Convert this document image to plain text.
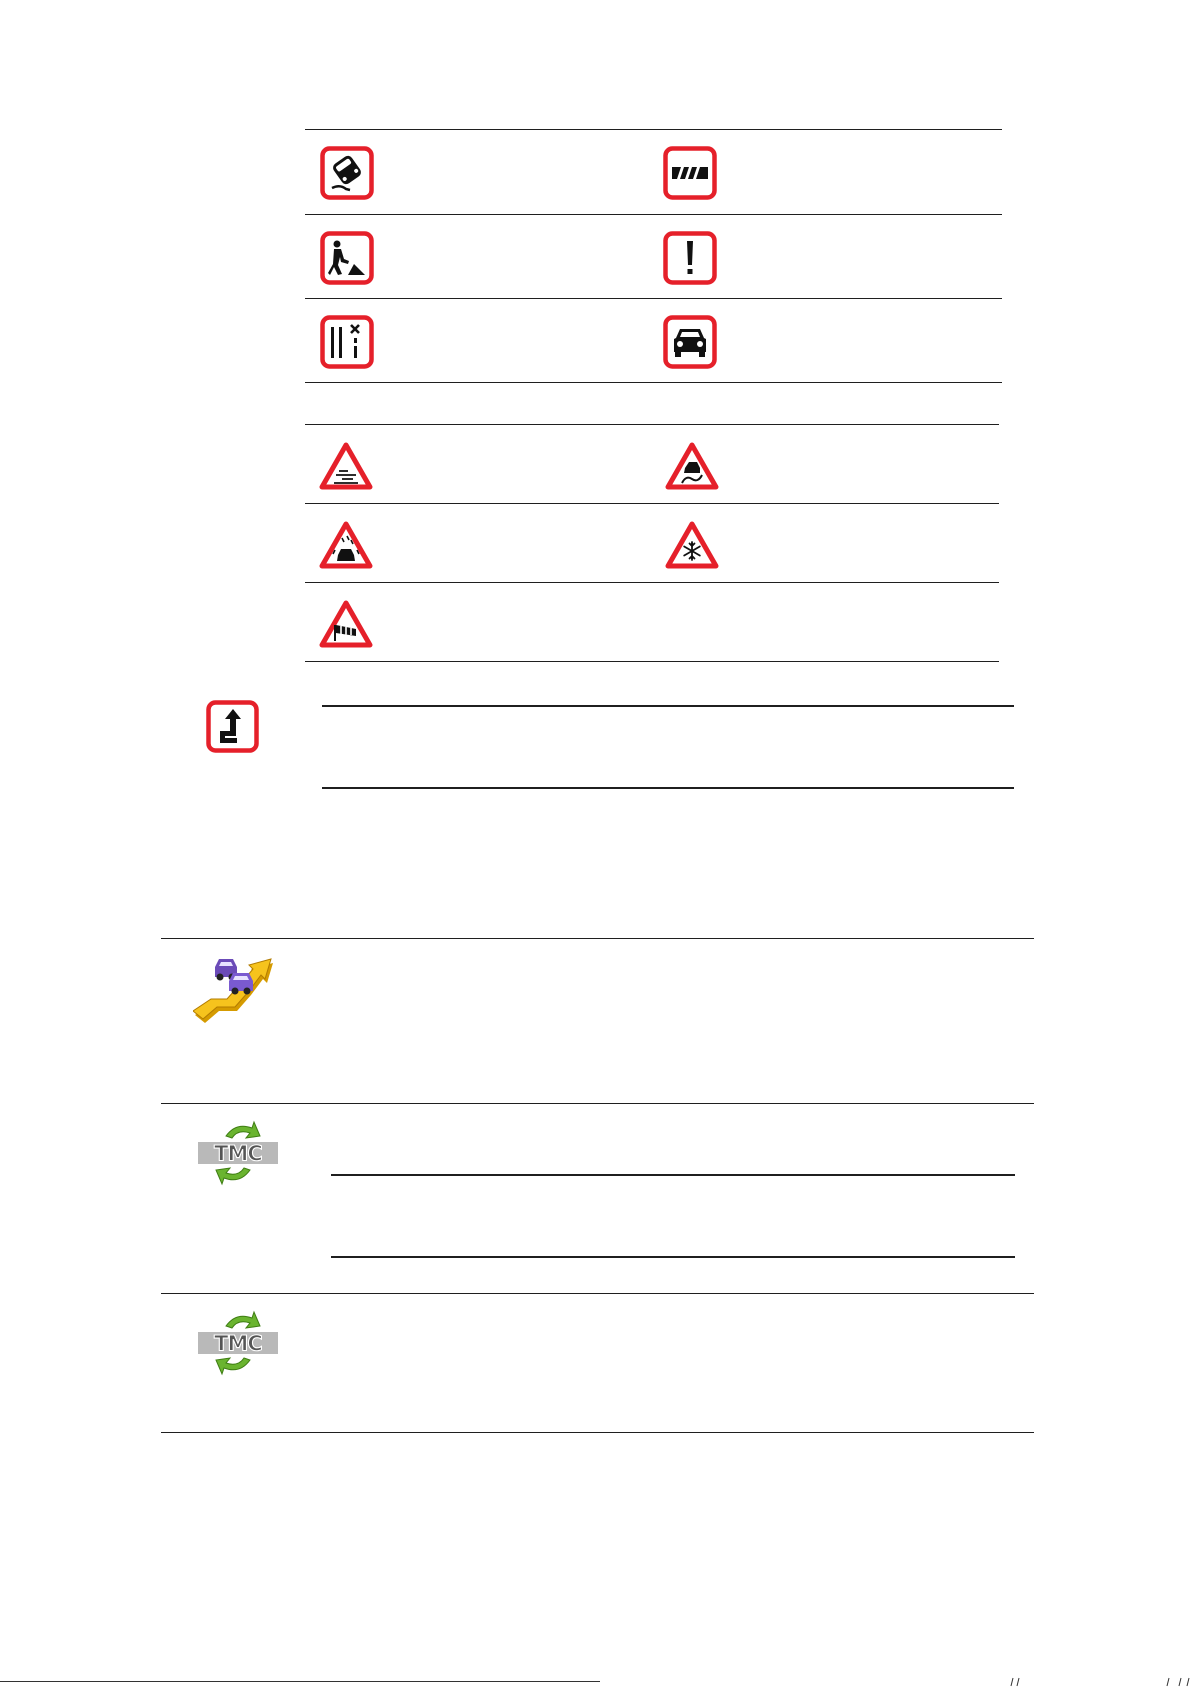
TMC
TMC
